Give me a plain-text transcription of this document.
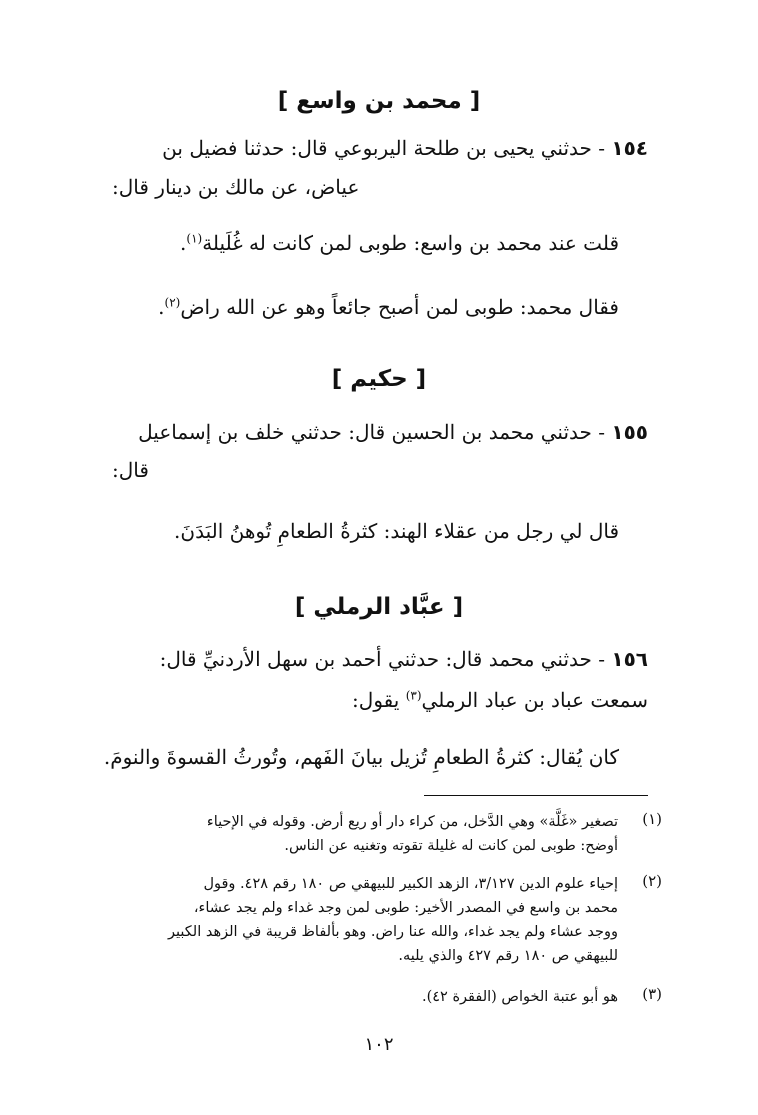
[ محمد بن واسع ]
١٥٤ - حدثني يحيى بن طلحة اليربوعي قال: حدثنا فضيل بن
عياض، عن مالك بن دينار قال:
قلت عند محمد بن واسع: طوبى لمن كانت له غُلَيلة$^{(١)}$.
فقال محمد: طوبى لمن أصبح جائعاً وهو عن الله راض$^{(٢)}$.
[ حكيم ]
١٥٥ - حدثني محمد بن الحسين قال: حدثني خلف بن إسماعيل
قال:
قال لي رجل من عقلاء الهند: كثرةُ الطعامِ تُوهنُ البَدَنَ.
[ عبَّاد الرملي ]
١٥٦ - حدثني محمد قال: حدثني أحمد بن سهل الأردنيِّ قال:
سمعت عباد بن عباد الرملي$^{(٣)}$ يقول:
كان يُقال: كثرةُ الطعامِ تُزيل بيانَ الفَهم، وتُورثُ القسوةَ والنومَ.
(١)
تصغير «غَلَّة» وهي الدَّخل، من كراء دار أو ريع أرض. وقوله في الإحياء
أوضح: طوبى لمن كانت له غليلة تقوته وتغنيه عن الناس.
(٢)
إحياء علوم الدين ٣/١٢٧، الزهد الكبير للبيهقي ص ١٨٠ رقم ٤٢٨. وقول
محمد بن واسع في المصدر الأخير: طوبى لمن وجد غداء ولم يجد عشاء،
ووجد عشاء ولم يجد غداء، والله عنا راض. وهو بألفاظ قريبة في الزهد الكبير
للبيهقي ص ١٨٠ رقم ٤٢٧ والذي يليه.
(٣)
هو أبو عتبة الخواص (الفقرة ٤٢).
١٠٢
